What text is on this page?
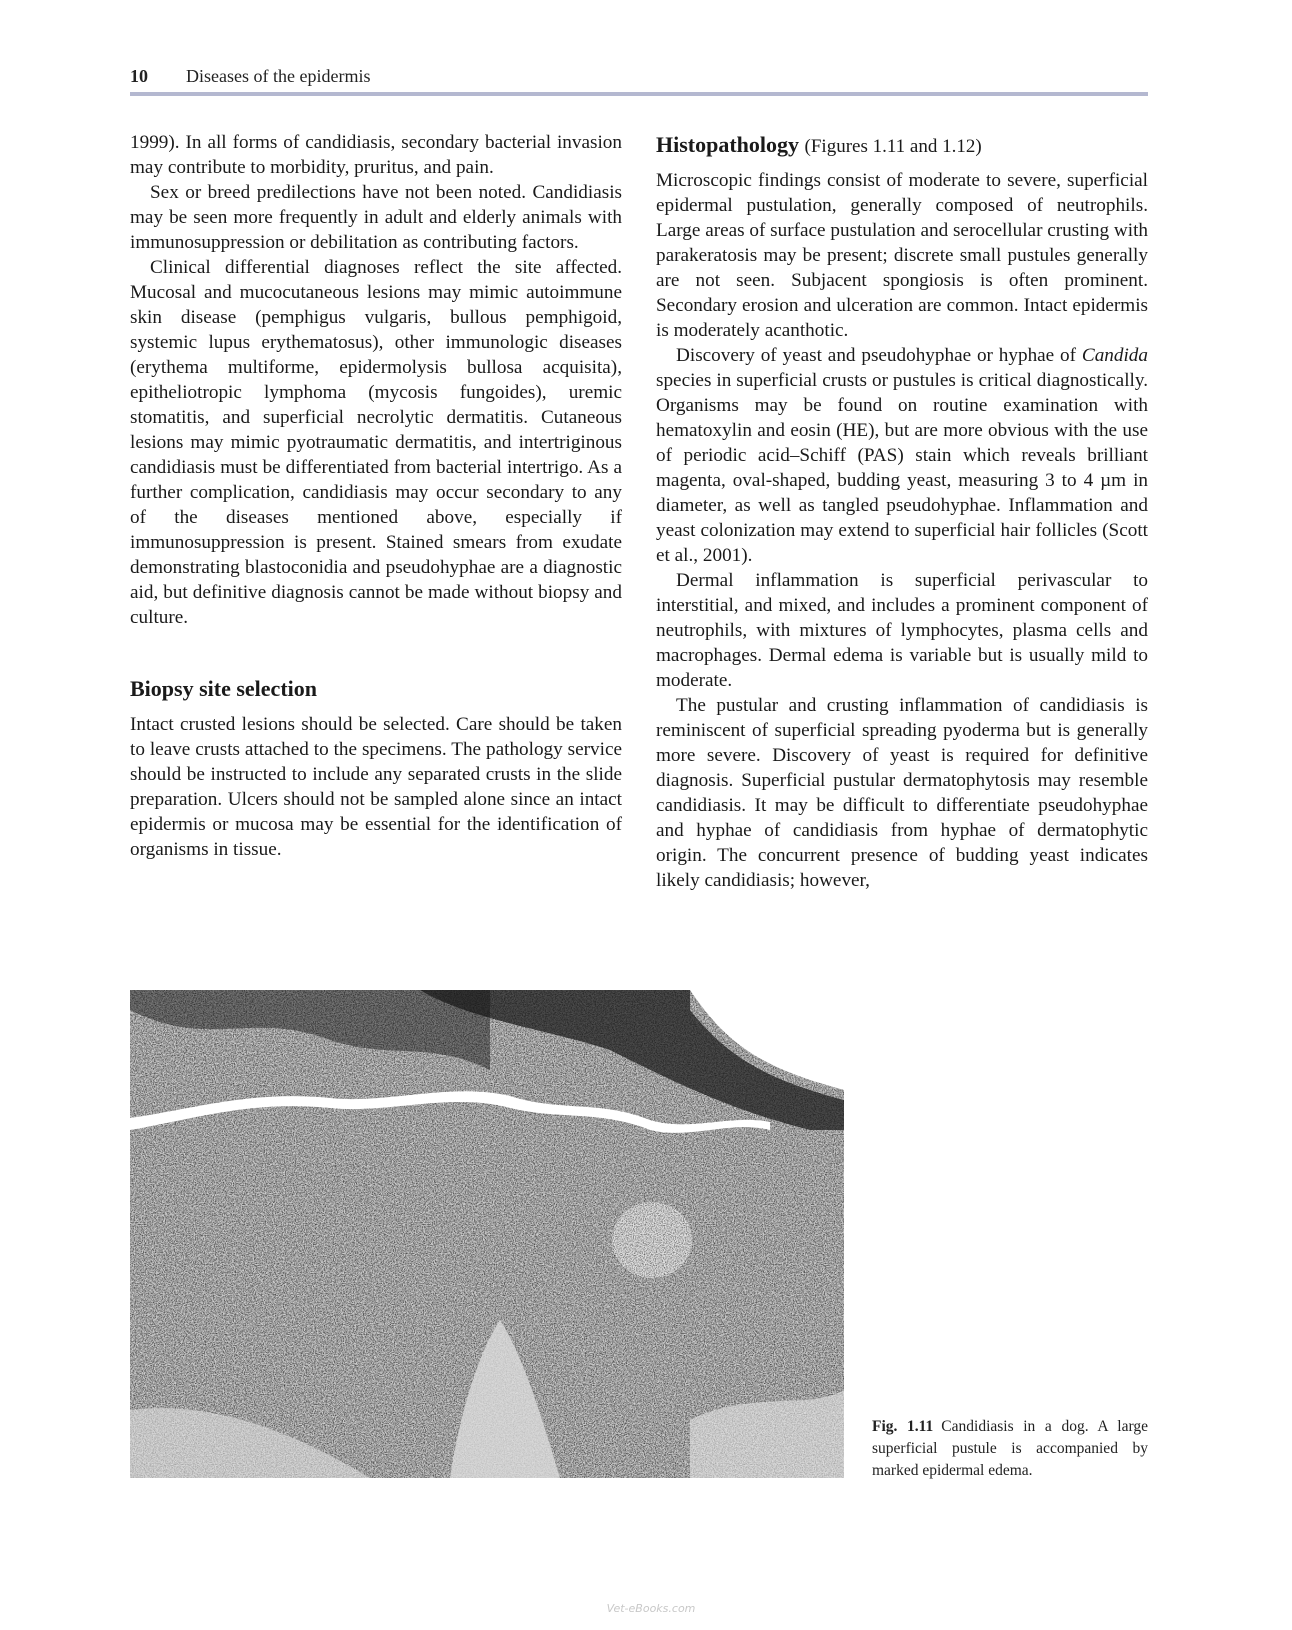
10 Diseases of the epidermis

1999). In all forms of candidiasis, secondary bacterial invasion may contribute to morbidity, pruritus, and pain.

Sex or breed predilections have not been noted. Candidiasis may be seen more frequently in adult and elderly animals with immunosuppression or debilitation as contributing factors.

Clinical differential diagnoses reflect the site affected. Mucosal and mucocutaneous lesions may mimic autoimmune skin disease (pemphigus vulgaris, bullous pemphigoid, systemic lupus erythematosus), other immunologic diseases (erythema multiforme, epidermolysis bullosa acquisita), epitheliotropic lymphoma (mycosis fungoides), uremic stomatitis, and superficial necrolytic dermatitis. Cutaneous lesions may mimic pyotraumatic dermatitis, and intertriginous candidiasis must be differentiated from bacterial intertrigo. As a further complication, candidiasis may occur secondary to any of the diseases mentioned above, especially if immunosuppression is present. Stained smears from exudate demonstrating blastoconidia and pseudohyphae are a diagnostic aid, but definitive diagnosis cannot be made without biopsy and culture.

Biopsy site selection

Intact crusted lesions should be selected. Care should be taken to leave crusts attached to the specimens. The pathology service should be instructed to include any separated crusts in the slide preparation. Ulcers should not be sampled alone since an intact epidermis or mucosa may be essential for the identification of organisms in tissue.

Histopathology (Figures 1.11 and 1.12)

Microscopic findings consist of moderate to severe, superficial epidermal pustulation, generally composed of neutrophils. Large areas of surface pustulation and serocellular crusting with parakeratosis may be present; discrete small pustules generally are not seen. Subjacent spongiosis is often prominent. Secondary erosion and ulceration are common. Intact epidermis is moderately acanthotic.

Discovery of yeast and pseudohyphae or hyphae of Candida species in superficial crusts or pustules is critical diagnostically. Organisms may be found on routine examination with hematoxylin and eosin (HE), but are more obvious with the use of periodic acid–Schiff (PAS) stain which reveals brilliant magenta, oval-shaped, budding yeast, measuring 3 to 4 µm in diameter, as well as tangled pseudohyphae. Inflammation and yeast colonization may extend to superficial hair follicles (Scott et al., 2001).

Dermal inflammation is superficial perivascular to interstitial, and mixed, and includes a prominent component of neutrophils, with mixtures of lymphocytes, plasma cells and macrophages. Dermal edema is variable but is usually mild to moderate.

The pustular and crusting inflammation of candidiasis is reminiscent of superficial spreading pyoderma but is generally more severe. Discovery of yeast is required for definitive diagnosis. Superficial pustular dermatophytosis may resemble candidiasis. It may be difficult to differentiate pseudohyphae and hyphae of candidiasis from hyphae of dermatophytic origin. The concurrent presence of budding yeast indicates likely candidiasis; however,

Fig. 1.11 Candidiasis in a dog. A large superficial pustule is accompanied by marked epidermal edema.
Vet-eBooks.com
